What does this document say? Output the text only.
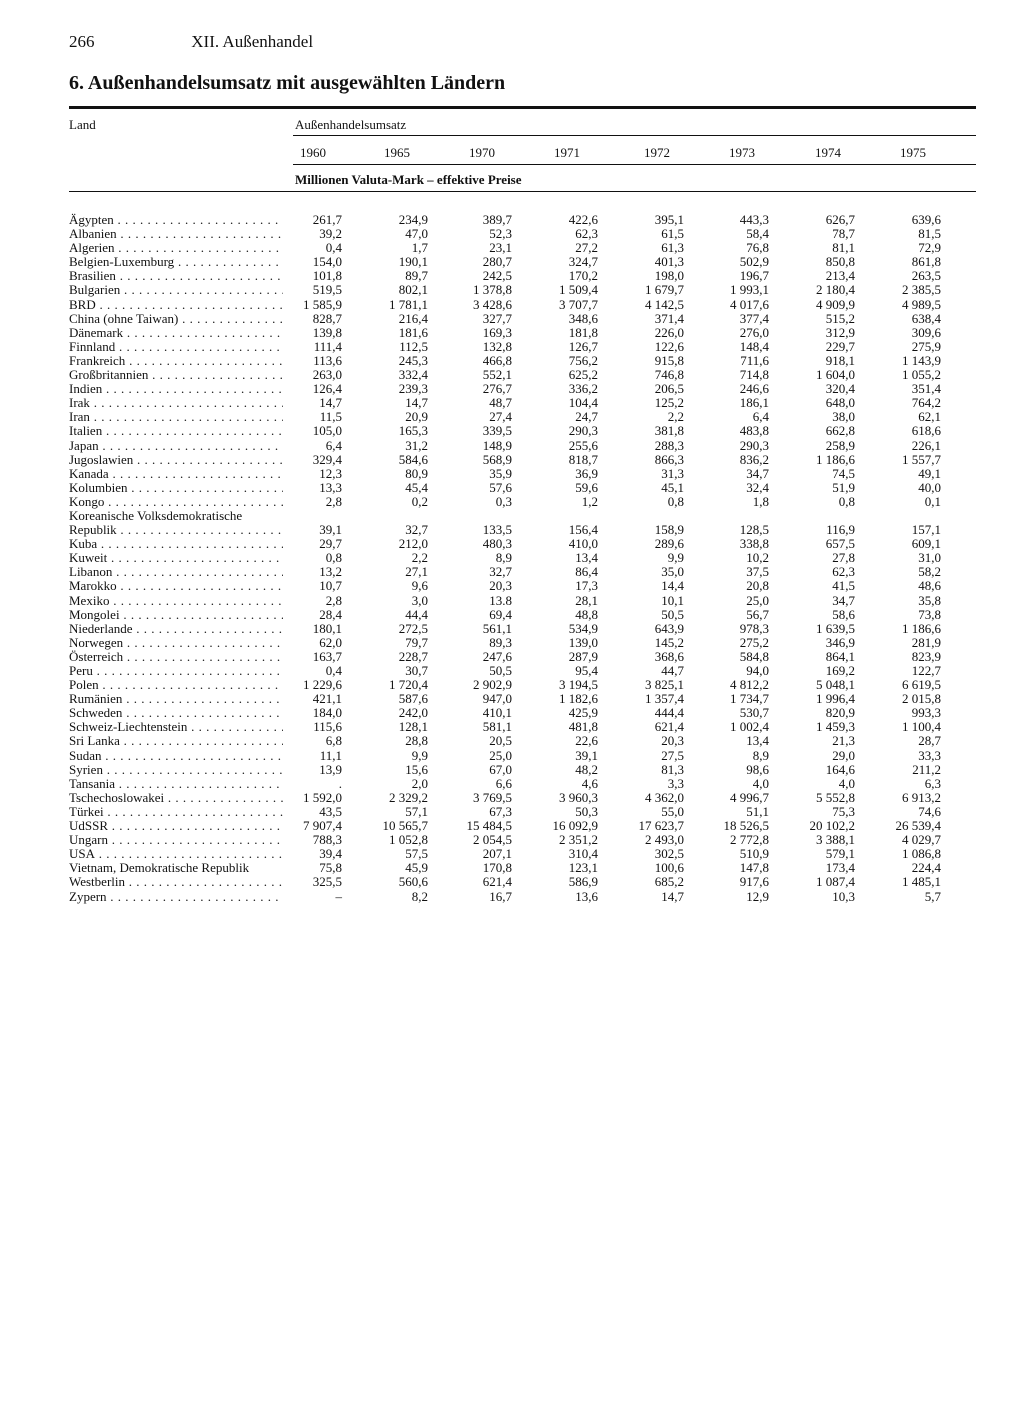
266	XII. Außenhandel
6. Außenhandelsumsatz mit ausgewählten Ländern
Land	Außenhandelsumsatz
1960	1965	1970	1971	1972	1973	1974	1975
Millionen Valuta-Mark – effektive Preise
Ägypten . . .	261,7	234,9	389,7	422,6	395,1	443,3	626,7	639,6
Albanien . . .	39,2	47,0	52,3	62,3	61,5	58,4	78,7	81,5
Algerien . . .	0,4	1,7	23,1	27,2	61,3	76,8	81,1	72,9
Belgien-Luxemburg . . .	154,0	190,1	280,7	324,7	401,3	502,9	850,8	861,8
Brasilien . . .	101,8	89,7	242,5	170,2	198,0	196,7	213,4	263,5
Bulgarien . . .	519,5	802,1	1 378,8	1 509,4	1 679,7	1 993,1	2 180,4	2 385,5
BRD . . .	1 585,9	1 781,1	3 428,6	3 707,7	4 142,5	4 017,6	4 909,9	4 989,5
China (ohne Taiwan) . . .	828,7	216,4	327,7	348,6	371,4	377,4	515,2	638,4
Dänemark . . .	139,8	181,6	169,3	181,8	226,0	276,0	312,9	309,6
Finnland . . .	111,4	112,5	132,8	126,7	122,6	148,4	229,7	275,9
Frankreich . . .	113,6	245,3	466,8	756,2	915,8	711,6	918,1	1 143,9
Großbritannien . . .	263,0	332,4	552,1	625,2	746,8	714,8	1 604,0	1 055,2
Indien . . .	126,4	239,3	276,7	336,2	206,5	246,6	320,4	351,4
Irak . . .	14,7	14,7	48,7	104,4	125,2	186,1	648,0	764,2
Iran . . .	11,5	20,9	27,4	24,7	2,2	6,4	38,0	62,1
Italien . . .	105,0	165,3	339,5	290,3	381,8	483,8	662,8	618,6
Japan . . .	6,4	31,2	148,9	255,6	288,3	290,3	258,9	226,1
Jugoslawien . . .	329,4	584,6	568,9	818,7	866,3	836,2	1 186,6	1 557,7
Kanada . . .	12,3	80,9	35,9	36,9	31,3	34,7	74,5	49,1
Kolumbien . . .	13,3	45,4	57,6	59,6	45,1	32,4	51,9	40,0
Kongo . . .	2,8	0,2	0,3	1,2	0,8	1,8	0,8	0,1
Koreanische Volksdemokratische
Republik . . .	39,1	32,7	133,5	156,4	158,9	128,5	116,9	157,1
Kuba . . .	29,7	212,0	480,3	410,0	289,6	338,8	657,5	609,1
Kuweit . . .	0,8	2,2	8,9	13,4	9,9	10,2	27,8	31,0
Libanon . . .	13,2	27,1	32,7	86,4	35,0	37,5	62,3	58,2
Marokko . . .	10,7	9,6	20,3	17,3	14,4	20,8	41,5	48,6
Mexiko . . .	2,8	3,0	13.8	28,1	10,1	25,0	34,7	35,8
Mongolei . . .	28,4	44,4	69,4	48,8	50,5	56,7	58,6	73,8
Niederlande . . .	180,1	272,5	561,1	534,9	643,9	978,3	1 639,5	1 186,6
Norwegen . . .	62,0	79,7	89,3	139,0	145,2	275,2	346,9	281,9
Österreich . . .	163,7	228,7	247,6	287,9	368,6	584,8	864,1	823,9
Peru . . .	0,4	30,7	50,5	95,4	44,7	94,0	169,2	122,7
Polen . . .	1 229,6	1 720,4	2 902,9	3 194,5	3 825,1	4 812,2	5 048,1	6 619,5
Rumänien . . .	421,1	587,6	947,0	1 182,6	1 357,4	1 734,7	1 996,4	2 015,8
Schweden . . .	184,0	242,0	410,1	425,9	444,4	530,7	820,9	993,3
Schweiz-Liechtenstein . . .	115,6	128,1	581,1	481,8	621,4	1 002,4	1 459,3	1 100,4
Sri Lanka . . .	6,8	28,8	20,5	22,6	20,3	13,4	21,3	28,7
Sudan . . .	11,1	9,9	25,0	39,1	27,5	8,9	29,0	33,3
Syrien . . .	13,9	15,6	67,0	48,2	81,3	98,6	164,6	211,2
Tansania . . .	.	2,0	6,6	4,6	3,3	4,0	4,0	6,3
Tschechoslowakei . . .	1 592,0	2 329,2	3 769,5	3 960,3	4 362,0	4 996,7	5 552,8	6 913,2
Türkei . . .	43,5	57,1	67,3	50,3	55,0	51,1	75,3	74,6
UdSSR . . .	7 907,4	10 565,7	15 484,5	16 092,9	17 623,7	18 526,5	20 102,2	26 539,4
Ungarn . . .	788,3	1 052,8	2 054,5	2 351,2	2 493,0	2 772,8	3 388,1	4 029,7
USA . . .	39,4	57,5	207,1	310,4	302,5	510,9	579,1	1 086,8
Vietnam, Demokratische Republik	75,8	45,9	170,8	123,1	100,6	147,8	173,4	224,4
Westberlin . . .	325,5	560,6	621,4	586,9	685,2	917,6	1 087,4	1 485,1
Zypern . . .	–	8,2	16,7	13,6	14,7	12,9	10,3	5,7
